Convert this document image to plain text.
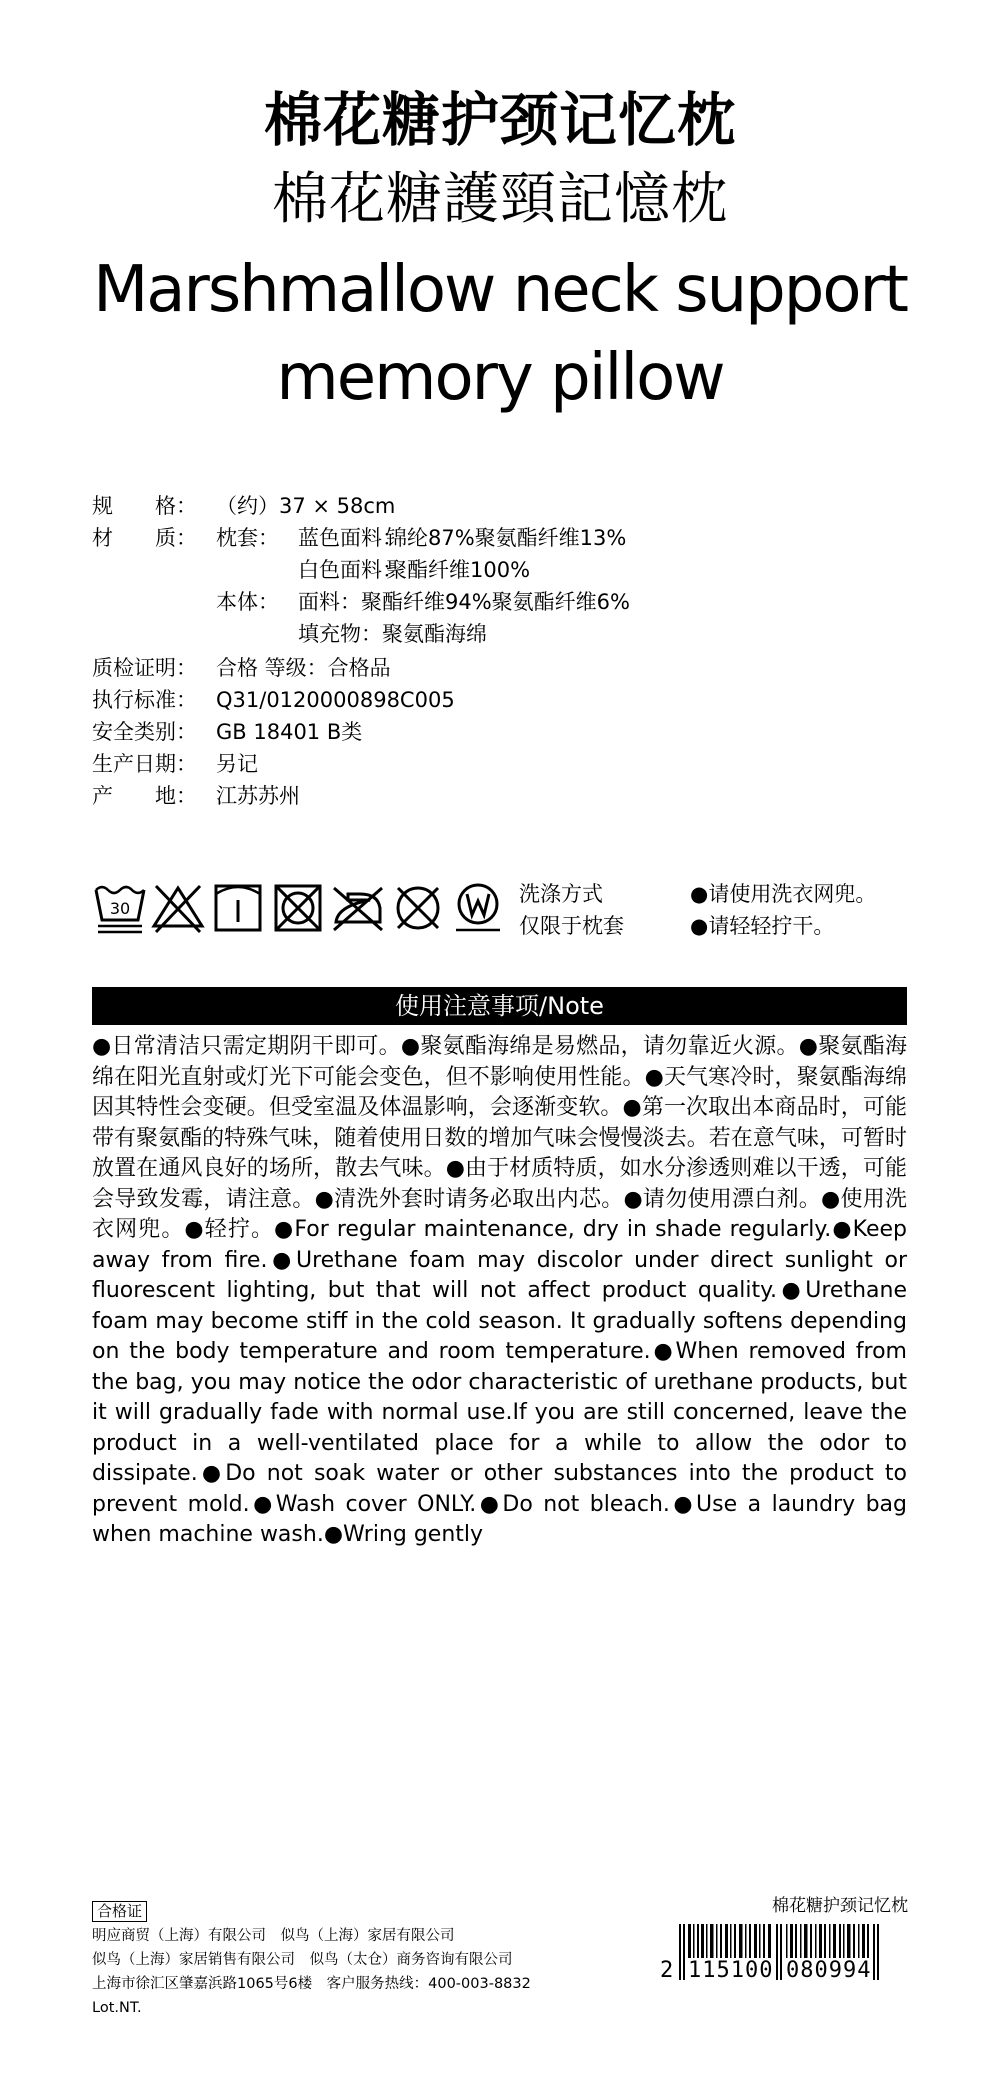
棉花糖护颈记忆枕
棉花糖護頸記憶枕
Marshmallow neck support
memory pillow
规　　格： （约）37 × 58cm
材　　质： 枕套： 蓝色面料：
锦纶87%聚氨酯纤维13%
白色面料：
聚酯纤维100%
本体： 面料： 聚酯纤维94%聚氨酯纤维6%
填充物： 聚氨酯海绵
质检证明： 合格 等级：合格品
执行标准： Q31/0120000898C005
安全类别： GB 18401 B类
生产日期： 另记
产　　地： 江苏苏州
30
洗涤方式
仅限于枕套
●请使用洗衣网兜。
●请轻轻拧干。
使用注意事项/Note

●日常清洁只需定期阴干即可。●聚氨酯海绵是易燃品，请勿靠近火源。●聚氨酯海绵在阳光直射或灯光下可能会变色，但不影响使用性能。●天气寒冷时，聚氨酯海绵因其特性会变硬。但受室温及体温影响，会逐渐变软。●第一次取出本商品时，可能带有聚氨酯的特殊气味，随着使用日数的增加气味会慢慢淡去。若在意气味，可暂时放置在通风良好的场所，散去气味。●由于材质特质，如水分渗透则难以干透，可能会导致发霉，请注意。●清洗外套时请务必取出内芯。●请勿使用漂白剂。●使用洗衣网兜。●轻拧。●For regular maintenance, dry in shade regularly.●Keep away from fire.●Urethane foam may discolor under direct sunlight or fluorescent lighting, but that will not affect product quality.●Urethane foam may become stiff in the cold season. It gradually softens depending on the body temperature and room temperature.●When removed from the bag, you may notice the odor characteristic of urethane products, but it will gradually fade with normal use.If you are still concerned, leave the product in a well-ventilated place for a while to allow the odor to dissipate.●Do not soak water or other substances into the product to prevent mold.●Wash cover ONLY.●Do not bleach.●Use a laundry bag when machine wash.●Wring gently

合格证
明应商贸（上海）有限公司　似鸟（上海）家居有限公司
似鸟（上海）家居销售有限公司　似鸟（太仓）商务咨询有限公司
上海市徐汇区肇嘉浜路1065号6楼　客户服务热线：400-003-8832
Lot.NT.
棉花糖护颈记忆枕
2 115100 080994
